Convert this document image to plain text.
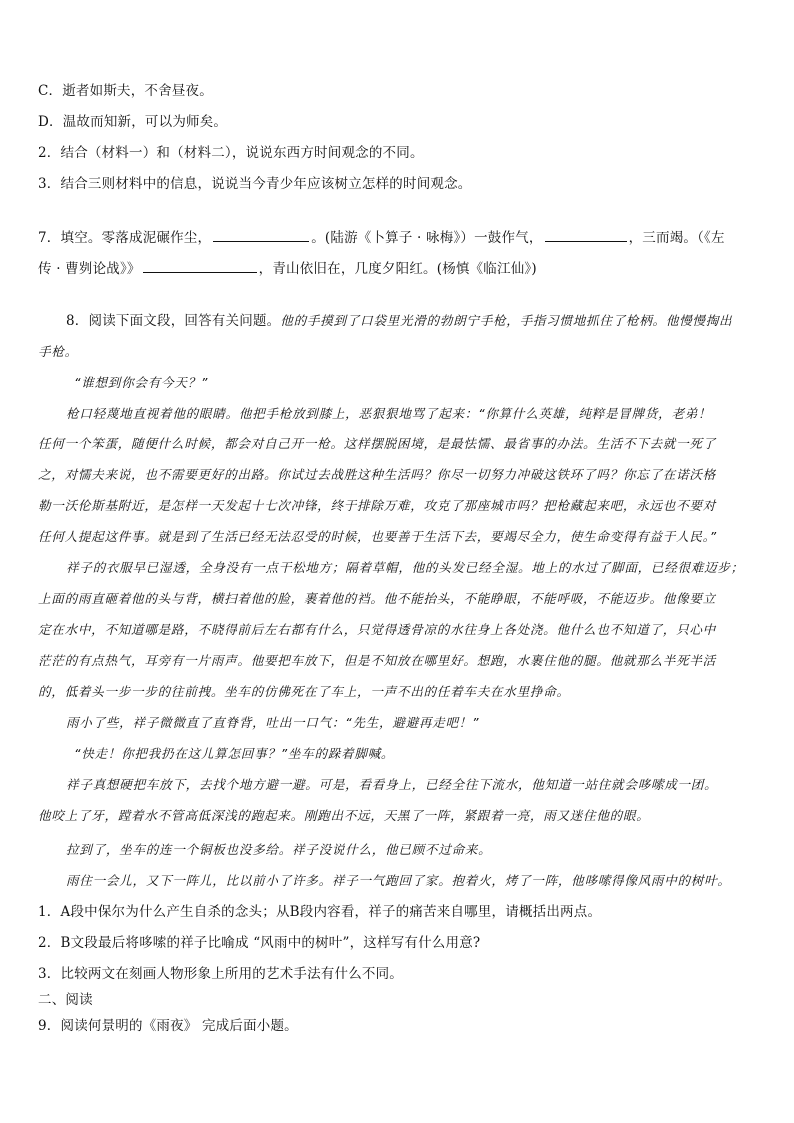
C．逝者如斯夫，不舍昼夜。
D．温故而知新，可以为师矣。
2．结合（材料一）和（材料二），说说东西方时间观念的不同。
3．结合三则材料中的信息，说说当今青少年应该树立怎样的时间观念。
7．填空。零落成泥碾作尘，	。(陆游《卜算子 · 咏梅》）一鼓作气，	，三而竭。（《左
传 · 曹刿论战》》	，青山依旧在，几度夕阳红。(杨慎《临江仙》)
8．阅读下面文段，回答有关问题。他的手摸到了口袋里光滑的勃朗宁手枪，手指习惯地抓住了枪柄。他慢慢掏出
手枪。
“谁想到你会有今天？”
枪口轻蔑地直视着他的眼睛。他把手枪放到膝上，恶狠狠地骂了起来：“你算什么英雄，纯粹是冒牌货，老弟！
任何一个笨蛋，随便什么时候，都会对自己开一枪。这样摆脱困境，是最怯懦、最省事的办法。生活不下去就一死了
之，对懦夫来说，也不需要更好的出路。你试过去战胜这种生活吗？你尽一切努力冲破这铁环了吗？你忘了在诺沃格
勒一沃伦斯基附近，是怎样一天发起十七次冲锋，终于排除万难，攻克了那座城市吗？把枪藏起来吧，永远也不要对
任何人提起这件事。就是到了生活已经无法忍受的时候，也要善于生活下去，要竭尽全力，使生命变得有益于人民。”
祥子的衣服早已湿透，全身没有一点干松地方；隔着草帽，他的头发已经全湿。地上的水过了脚面，已经很难迈步；
上面的雨直砸着他的头与背，横扫着他的脸，裹着他的裆。他不能抬头，不能睁眼，不能呼吸，不能迈步。他像要立
定在水中，不知道哪是路，不晓得前后左右都有什么，只觉得透骨凉的水往身上各处浇。他什么也不知道了，只心中
茫茫的有点热气，耳旁有一片雨声。他要把车放下，但是不知放在哪里好。想跑，水裹住他的腿。他就那么半死半活
的，低着头一步一步的往前拽。坐车的仿佛死在了车上，一声不出的任着车夫在水里挣命。
雨小了些，祥子微微直了直脊背，吐出一口气：“先生，避避再走吧！”
“快走！你把我扔在这儿算怎回事？”坐车的跺着脚喊。
祥子真想硬把车放下，去找个地方避一避。可是，看看身上，已经全往下流水，他知道一站住就会哆嗦成一团。
他咬上了牙，蹚着水不管高低深浅的跑起来。刚跑出不远，天黑了一阵，紧跟着一亮，雨又迷住他的眼。
拉到了，坐车的连一个铜板也没多给。祥子没说什么，他已顾不过命来。
雨住一会儿，又下一阵儿，比以前小了许多。祥子一气跑回了家。抱着火，烤了一阵，他哆嗦得像风雨中的树叶。
1．A段中保尔为什么产生自杀的念头；从B段内容看，祥子的痛苦来自哪里，请概括出两点。
2．B文段最后将哆嗦的祥子比喻成 “风雨中的树叶”，这样写有什么用意?
3．比较两文在刻画人物形象上所用的艺术手法有什么不同。
二、阅读
9．阅读何景明的《雨夜》 完成后面小题。
